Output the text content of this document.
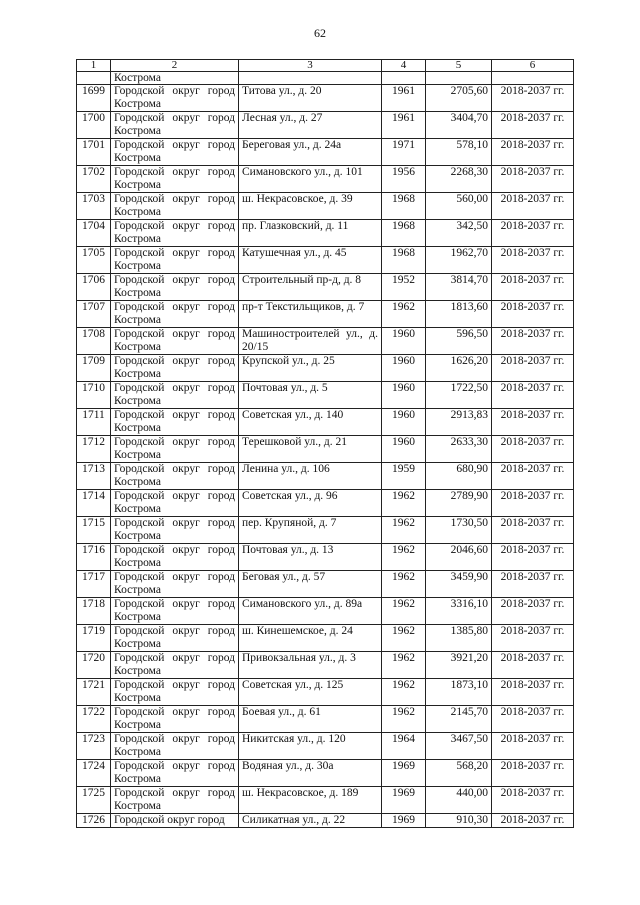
62
1	2	3	4	5	6
	Кострома				
1699	Городской округ город Кострома	Титова ул., д. 20	1961	2705,60	2018-2037 гг.
1700	Городской округ город Кострома	Лесная ул., д. 27	1961	3404,70	2018-2037 гг.
1701	Городской округ город Кострома	Береговая ул., д. 24а	1971	578,10	2018-2037 гг.
1702	Городской округ город Кострома	Симановского ул., д. 101	1956	2268,30	2018-2037 гг.
1703	Городской округ город Кострома	ш. Некрасовское, д. 39	1968	560,00	2018-2037 гг.
1704	Городской округ город Кострома	пр. Глазковский, д. 11	1968	342,50	2018-2037 гг.
1705	Городской округ город Кострома	Катушечная ул., д. 45	1968	1962,70	2018-2037 гг.
1706	Городской округ город Кострома	Строительный пр-д, д. 8	1952	3814,70	2018-2037 гг.
1707	Городской округ город Кострома	пр-т Текстильщиков, д. 7	1962	1813,60	2018-2037 гг.
1708	Городской округ город Кострома	Машиностроителей ул., д. 20/15	1960	596,50	2018-2037 гг.
1709	Городской округ город Кострома	Крупской ул., д. 25	1960	1626,20	2018-2037 гг.
1710	Городской округ город Кострома	Почтовая ул., д. 5	1960	1722,50	2018-2037 гг.
1711	Городской округ город Кострома	Советская ул., д. 140	1960	2913,83	2018-2037 гг.
1712	Городской округ город Кострома	Терешковой ул., д. 21	1960	2633,30	2018-2037 гг.
1713	Городской округ город Кострома	Ленина ул., д. 106	1959	680,90	2018-2037 гг.
1714	Городской округ город Кострома	Советская ул., д. 96	1962	2789,90	2018-2037 гг.
1715	Городской округ город Кострома	пер. Крупяной, д. 7	1962	1730,50	2018-2037 гг.
1716	Городской округ город Кострома	Почтовая ул., д. 13	1962	2046,60	2018-2037 гг.
1717	Городской округ город Кострома	Беговая ул., д. 57	1962	3459,90	2018-2037 гг.
1718	Городской округ город Кострома	Симановского ул., д. 89а	1962	3316,10	2018-2037 гг.
1719	Городской округ город Кострома	ш. Кинешемское, д. 24	1962	1385,80	2018-2037 гг.
1720	Городской округ город Кострома	Привокзальная ул., д. 3	1962	3921,20	2018-2037 гг.
1721	Городской округ город Кострома	Советская ул., д. 125	1962	1873,10	2018-2037 гг.
1722	Городской округ город Кострома	Боевая ул., д. 61	1962	2145,70	2018-2037 гг.
1723	Городской округ город Кострома	Никитская ул., д. 120	1964	3467,50	2018-2037 гг.
1724	Городской округ город Кострома	Водяная ул., д. 30а	1969	568,20	2018-2037 гг.
1725	Городской округ город Кострома	ш. Некрасовское, д. 189	1969	440,00	2018-2037 гг.
1726	Городской округ город	Силикатная ул., д. 22	1969	910,30	2018-2037 гг.
